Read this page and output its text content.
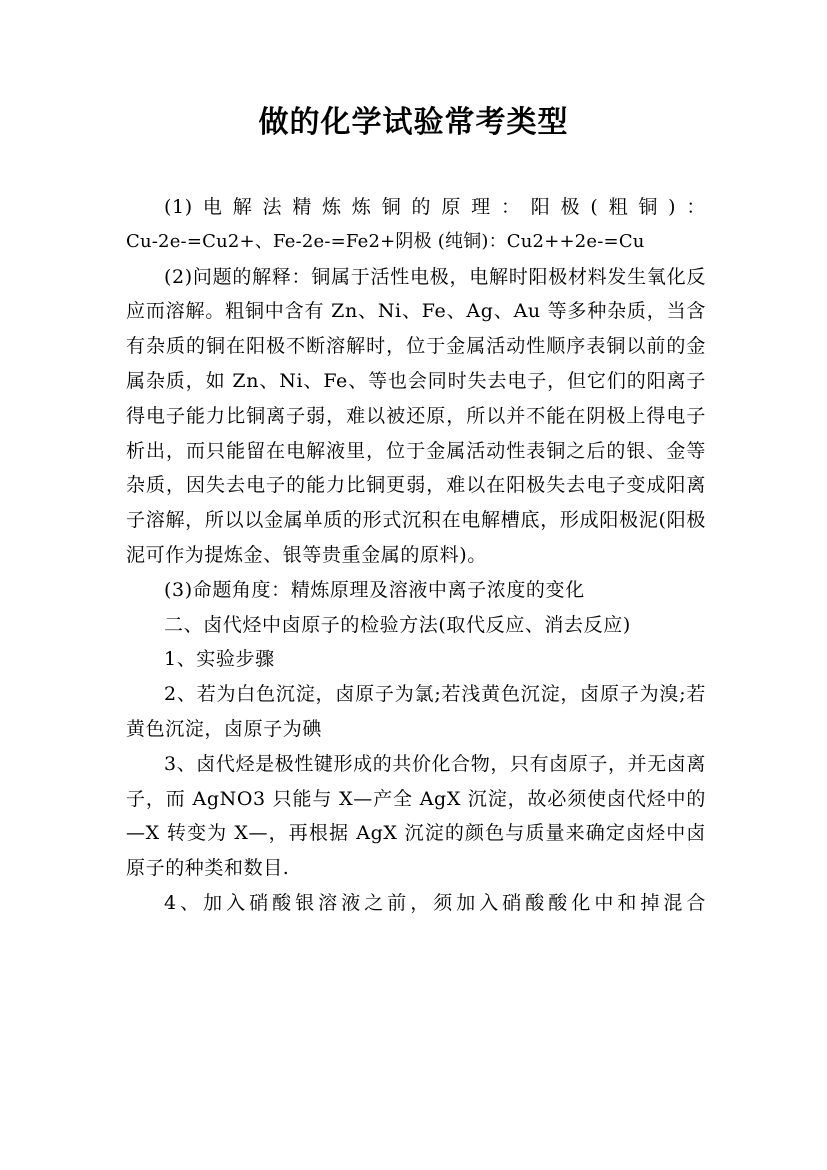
做的化学试验常考类型

(1)电解法精炼炼铜的原理：阳极(粗铜)：

Cu-2e-=Cu2+、Fe-2e-=Fe2+阴极 (纯铜)：Cu2++2e-=Cu

(2)问题的解释：铜属于活性电极，电解时阳极材料发生氧化反应而溶解。粗铜中含有 Zn、Ni、Fe、Ag、Au 等多种杂质，当含有杂质的铜在阳极不断溶解时，位于金属活动性顺序表铜以前的金属杂质，如 Zn、Ni、Fe、等也会同时失去电子，但它们的阳离子得电子能力比铜离子弱，难以被还原，所以并不能在阴极上得电子析出，而只能留在电解液里，位于金属活动性表铜之后的银、金等杂质，因失去电子的能力比铜更弱，难以在阳极失去电子变成阳离子溶解，所以以金属单质的形式沉积在电解槽底，形成阳极泥(阳极泥可作为提炼金、银等贵重金属的原料)。

(3)命题角度：精炼原理及溶液中离子浓度的变化

二、卤代烃中卤原子的检验方法(取代反应、消去反应)

1、实验步骤

2、若为白色沉淀，卤原子为氯;若浅黄色沉淀，卤原子为溴;若黄色沉淀，卤原子为碘

3、卤代烃是极性键形成的共价化合物，只有卤原子，并无卤离子，而 AgNO3 只能与 X—产全 AgX 沉淀，故必须使卤代烃中的—X 转变为 X—，再根据 AgX 沉淀的颜色与质量来确定卤烃中卤原子的种类和数目.

4、加入硝酸银溶液之前，须加入硝酸酸化中和掉混合
